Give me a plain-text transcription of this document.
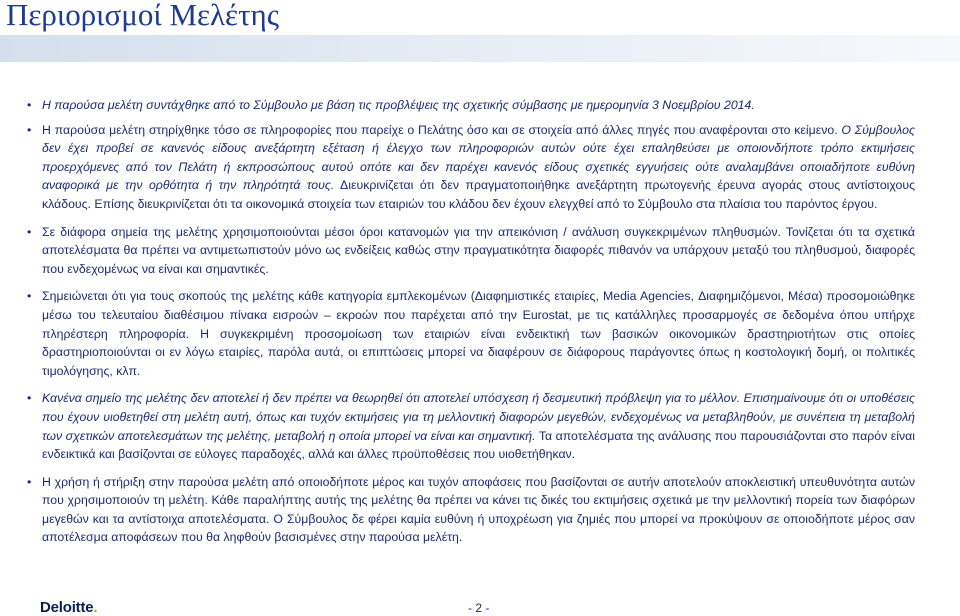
Περιορισμοί Μελέτης
• Η παρούσα μελέτη συντάχθηκε από το Σύμβουλο με βάση τις προβλέψεις της σχετικής σύμβασης με ημερομηνία 3 Νοεμβρίου 2014.
• Η παρούσα μελέτη στηρίχθηκε τόσο σε πληροφορίες που παρείχε ο Πελάτης όσο και σε στοιχεία από άλλες πηγές που αναφέρονται στο κείμενο. Ο Σύμβουλος δεν έχει προβεί σε κανενός είδους ανεξάρτητη εξέταση ή έλεγχο των πληροφοριών αυτών ούτε έχει επαληθεύσει με οποιονδήποτε τρόπο εκτιμήσεις προερχόμενες από τον Πελάτη ή εκπροσώπους αυτού οπότε και δεν παρέχει κανενός είδους σχετικές εγγυήσεις ούτε αναλαμβάνει οποιαδήποτε ευθύνη αναφορικά με την ορθότητα ή την πληρότητά τους. Διευκρινίζεται ότι δεν πραγματοποιήθηκε ανεξάρτητη πρωτογενής έρευνα αγοράς στους αντίστοιχους κλάδους. Επίσης διευκρινίζεται ότι τα οικονομικά στοιχεία των εταιριών του κλάδου δεν έχουν ελεγχθεί από το Σύμβουλο στα πλαίσια του παρόντος έργου.
• Σε διάφορα σημεία της μελέτης χρησιμοποιούνται μέσοι όροι κατανομών για την απεικόνιση / ανάλυση συγκεκριμένων πληθυσμών. Τονίζεται ότι τα σχετικά αποτελέσματα θα πρέπει να αντιμετωπιστούν μόνο ως ενδείξεις καθώς στην πραγματικότητα διαφορές πιθανόν να υπάρχουν μεταξύ του πληθυσμού, διαφορές που ενδεχομένως να είναι και σημαντικές.
• Σημειώνεται ότι για τους σκοπούς της μελέτης κάθε κατηγορία εμπλεκομένων (Διαφημιστικές εταιρίες, Media Agencies, Διαφημιζόμενοι, Μέσα) προσομοιώθηκε μέσω του τελευταίου διαθέσιμου πίνακα εισροών – εκροών που παρέχεται από την Eurostat, με τις κατάλληλες προσαρμογές σε δεδομένα όπου υπήρχε πληρέστερη πληροφορία. Η συγκεκριμένη προσομοίωση των εταιριών είναι ενδεικτική των βασικών οικονομικών δραστηριοτήτων στις οποίες δραστηριοποιούνται οι εν λόγω εταιρίες, παρόλα αυτά, οι επιπτώσεις μπορεί να διαφέρουν σε διάφορους παράγοντες όπως η κοστολογική δομή, οι πολιτικές τιμολόγησης, κλπ.
• Κανένα σημείο της μελέτης δεν αποτελεί ή δεν πρέπει να θεωρηθεί ότι αποτελεί υπόσχεση ή δεσμευτική πρόβλεψη για το μέλλον. Επισημαίνουμε ότι οι υποθέσεις που έχουν υιοθετηθεί στη μελέτη αυτή, όπως και τυχόν εκτιμήσεις για τη μελλοντική διαφορών μεγεθών, ενδεχομένως να μεταβληθούν, με συνέπεια τη μεταβολή των σχετικών αποτελεσμάτων της μελέτης, μεταβολή η οποία μπορεί να είναι και σημαντική. Τα αποτελέσματα της ανάλυσης που παρουσιάζονται στο παρόν είναι ενδεικτικά και βασίζονται σε εύλογες παραδοχές, αλλά και άλλες προϋποθέσεις που υιοθετήθηκαν.
• Η χρήση ή στήριξη στην παρούσα μελέτη από οποιοδήποτε μέρος και τυχόν αποφάσεις που βασίζονται σε αυτήν αποτελούν αποκλειστική υπευθυνότητα αυτών που χρησιμοποιούν τη μελέτη. Κάθε παραλήπτης αυτής της μελέτης θα πρέπει να κάνει τις δικές του εκτιμήσεις σχετικά με την μελλοντική πορεία των διαφόρων μεγεθών και τα αντίστοιχα αποτελέσματα. Ο Σύμβουλος δε φέρει καμία ευθύνη ή υποχρέωση για ζημιές που μπορεί να προκύψουν σε οποιοδήποτε μέρος σαν αποτέλεσμα αποφάσεων που θα ληφθούν βασισμένες στην παρούσα μελέτη.
Deloitte.	- 2 -
